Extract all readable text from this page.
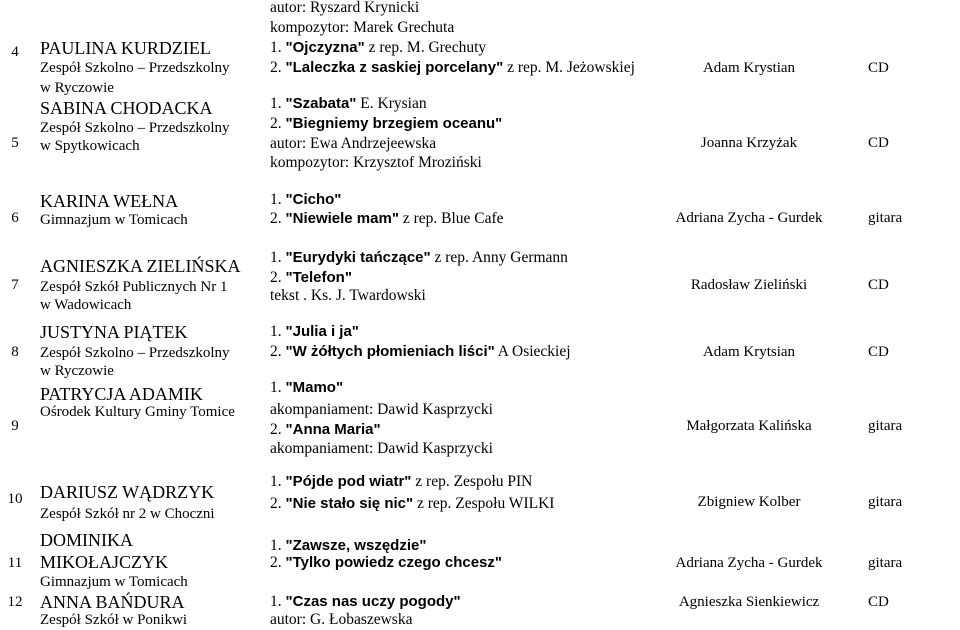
4	PAULINA KURDZIEL
Zespół Szkolno – Przedszkolny
w Ryczowie
autor: Ryszard Krynicki
kompozytor: Marek Grechuta
1. "Ojczyzna" z rep. M. Grechuty
2. "Laleczka z saskiej porcelany" z rep. M. Jeżowskiej	Adam Krystian	CD
5
SABINA CHODACKA
Zespół Szkolno – Przedszkolny
w Spytkowicach
1. "Szabata" E. Krysian
2. "Biegniemy brzegiem oceanu"
autor: Ewa Andrzejeewska
kompozytor: Krzysztof Mroziński
Joanna Krzyżak	CD
6
KARINA WEŁNA
Gimnazjum w Tomicach
1. "Cicho"
2. "Niewiele mam" z rep. Blue Cafe	Adriana Zycha - Gurdek	gitara
7
AGNIESZKA ZIELIŃSKA
Zespół Szkół Publicznych Nr 1
w Wadowicach
1. "Eurydyki tańczące" z rep. Anny Germann
2. "Telefon"
tekst . Ks. J. Twardowski
Radosław Zieliński	CD
8
JUSTYNA PIĄTEK
Zespół Szkolno – Przedszkolny
w Ryczowie
1. "Julia i ja"
2. "W żółtych płomieniach liści" A Osieckiej	Adam Krytsian	CD
9
PATRYCJA ADAMIK
Ośrodek Kultury Gminy Tomice
1. "Mamo"
akompaniament: Dawid Kasprzycki
2. "Anna Maria"
akompaniament: Dawid Kasprzycki
Małgorzata Kalińska	gitara
10 DARIUSZ WĄDRZYK
Zespół Szkół nr 2 w Choczni
1. "Pójde pod wiatr" z rep. Zespołu PIN
2. "Nie stało się nic" z rep. Zespołu WILKI	Zbigniew Kolber	gitara
11
DOMINIKA
MIKOŁAJCZYK
Gimnazjum w Tomicach
1. "Zawsze, wszędzie"
2. "Tylko powiedz czego chcesz"	Adriana Zycha - Gurdek	gitara
12 ANNA BAŃDURA
Zespół Szkół w Ponikwi
1. "Czas nas uczy pogody"
autor: G. Łobaszewska
Agnieszka Sienkiewicz	CD
